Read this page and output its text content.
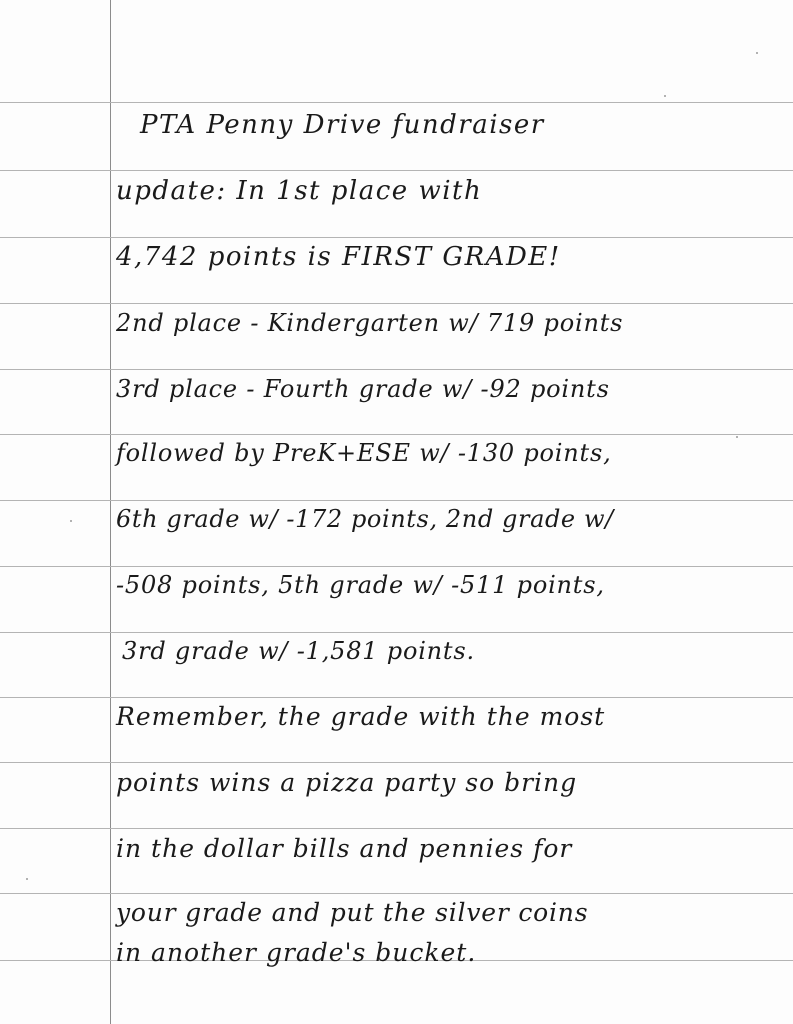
PTA Penny Drive fundraiser
update: In 1st place with
4,742 points is FIRST GRADE!
2nd place - Kindergarten w/ 719 points
3rd place - Fourth grade w/ -92 points
followed by PreK+ESE w/ -130 points,
6th grade w/ -172 points, 2nd grade w/
-508 points, 5th grade w/ -511 points,
3rd grade w/ -1,581 points.
Remember, the grade with the most
points wins a pizza party so bring
in the dollar bills and pennies for
your grade and put the silver coins
in another grade's bucket.
